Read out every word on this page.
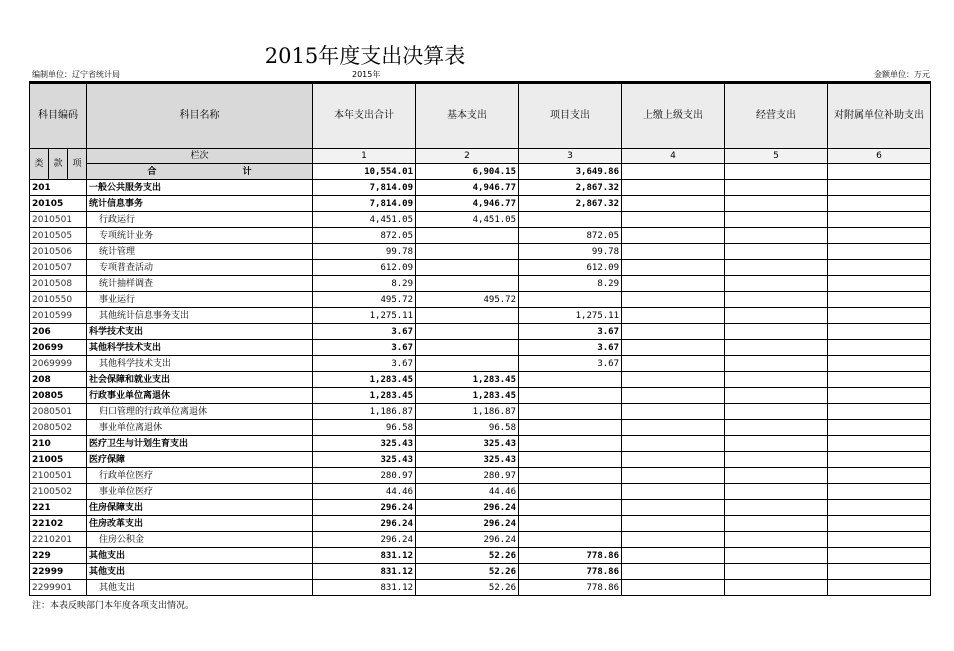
2015年度支出决算表
编制单位：辽宁省统计局	2015年	金额单位：万元
科目编码	科目名称	本年支出合计	基本支出	项目支出	上缴上级支出	经营支出	对附属单位补助支出

类 款 项	栏次	1	2	3	4	5	6
	合 计	10,554.01	6,904.15	3,649.86			
201	一般公共服务支出	7,814.09	4,946.77	2,867.32			
20105	统计信息事务	7,814.09	4,946.77	2,867.32			
2010501	行政运行	4,451.05	4,451.05				
2010505	专项统计业务	872.05		872.05			
2010506	统计管理	99.78		99.78			
2010507	专项普查活动	612.09		612.09			
2010508	统计抽样调查	8.29		8.29			
2010550	事业运行	495.72	495.72				
2010599	其他统计信息事务支出	1,275.11		1,275.11			
206	科学技术支出	3.67		3.67			
20699	其他科学技术支出	3.67		3.67			
2069999	其他科学技术支出	3.67		3.67			
208	社会保障和就业支出	1,283.45	1,283.45				
20805	行政事业单位离退休	1,283.45	1,283.45				
2080501	归口管理的行政单位离退休	1,186.87	1,186.87				
2080502	事业单位离退休	96.58	96.58				
210	医疗卫生与计划生育支出	325.43	325.43				
21005	医疗保障	325.43	325.43				
2100501	行政单位医疗	280.97	280.97				
2100502	事业单位医疗	44.46	44.46				
221	住房保障支出	296.24	296.24				
22102	住房改革支出	296.24	296.24				
2210201	住房公积金	296.24	296.24				
229	其他支出	831.12	52.26	778.86			
22999	其他支出	831.12	52.26	778.86			
2299901	其他支出	831.12	52.26	778.86			
注：本表反映部门本年度各项支出情况。
